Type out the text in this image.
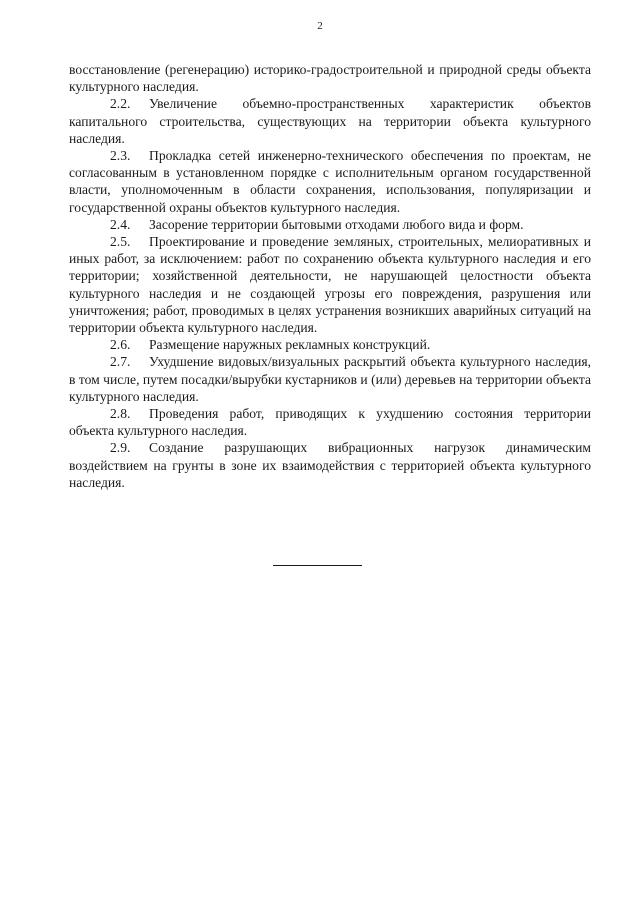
2

восстановление (регенерацию) историко-градостроительной и природной среды объекта культурного наследия.

2.2. Увеличение объемно-пространственных характеристик объектов капитального строительства, существующих на территории объекта культурного наследия.

2.3. Прокладка сетей инженерно-технического обеспечения по проектам, не согласованным в установленном порядке с исполнительным органом государственной власти, уполномоченным в области сохранения, использования, популяризации и государственной охраны объектов культурного наследия.

2.4. Засорение территории бытовыми отходами любого вида и форм.

2.5. Проектирование и проведение земляных, строительных, мелиоративных и иных работ, за исключением: работ по сохранению объекта культурного наследия и его территории; хозяйственной деятельности, не нарушающей целостности объекта культурного наследия и не создающей угрозы его повреждения, разрушения или уничтожения; работ, проводимых в целях устранения возникших аварийных ситуаций на территории объекта культурного наследия.

2.6. Размещение наружных рекламных конструкций.

2.7. Ухудшение видовых/визуальных раскрытий объекта культурного наследия, в том числе, путем посадки/вырубки кустарников и (или) деревьев на территории объекта культурного наследия.

2.8. Проведения работ, приводящих к ухудшению состояния территории объекта культурного наследия.

2.9. Создание разрушающих вибрационных нагрузок динамическим воздействием на грунты в зоне их взаимодействия с территорией объекта культурного наследия.
